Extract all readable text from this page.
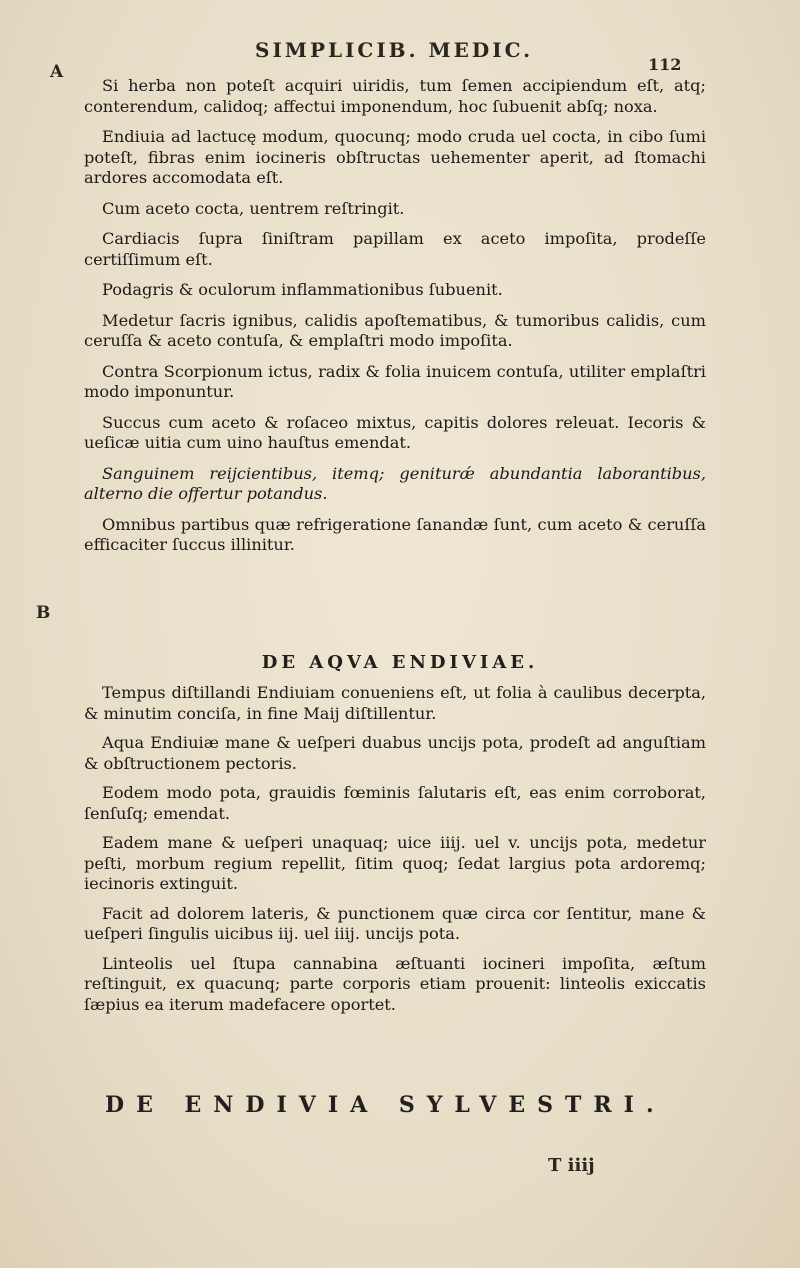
A
B
SIMPLICIB. MEDIC.
112

Si herba non poteſt acquiri uiridis, tum ſemen accipiendum eſt, atq; conterendum, calidoq; affectui imponendum, hoc ſubuenit abſq; noxa.

Endiuia ad lactucę modum, quocunq; modo cruda uel cocta, in cibo ſumi poteſt, fibras enim iocineris obſtructas uehementer aperit, ad ſtomachi ardores accomodata eſt.

Cum aceto cocta, uentrem reſtringit.

Cardiacis ſupra ſiniſtram papillam ex aceto impoſita, prodeſſe certiſſimum eſt.

Podagris & oculorum inflammationibus ſubuenit.

Medetur ſacris ignibus, calidis apoſtematibus, & tumoribus calidis, cum ceruſſa & aceto contuſa, & emplaſtri modo impoſita.

Contra Scorpionum ictus, radix & folia inuicem contuſa, utiliter emplaſtri modo imponuntur.

Succus cum aceto & roſaceo mixtus, capitis dolores releuat. Iecoris & ueſicæ uitia cum uino hauſtus emendat.

Sanguinem reijcientibus, itemq; geniturǽ abundantia laborantibus, alterno die offertur potandus.

Omnibus partibus quæ refrigeratione ſanandæ ſunt, cum aceto & ceruſſa efficaciter ſuccus illinitur.

DE AQVA ENDIVIAE.

Tempus diſtillandi Endiuiam conueniens eſt, ut folia à caulibus decerpta, & minutim conciſa, in fine Maij diſtillentur.

Aqua Endiuiæ mane & ueſperi duabus uncijs pota, prodeſt ad anguſtiam & obſtructionem pectoris.

Eodem modo pota, grauidis fœminis ſalutaris eſt, eas enim corroborat, ſenſuſq; emendat.

Eadem mane & ueſperi unaquaq; uice iiij. uel v. uncijs pota, medetur peſti, morbum regium repellit, ſitim quoq; ſedat largius pota ardoremq; iecinoris extinguit.

Facit ad dolorem lateris, & punctionem quæ circa cor ſentitur, mane & ueſperi ſingulis uicibus iij. uel iiij. uncijs pota.

Linteolis uel ſtupa cannabina æſtuanti iocineri impoſita, æſtum reſtinguit, ex quacunq; parte corporis etiam prouenit: linteolis exiccatis ſæpius ea iterum madefacere oportet.

DE ENDIVIA SYLVESTRI.
T iiij
